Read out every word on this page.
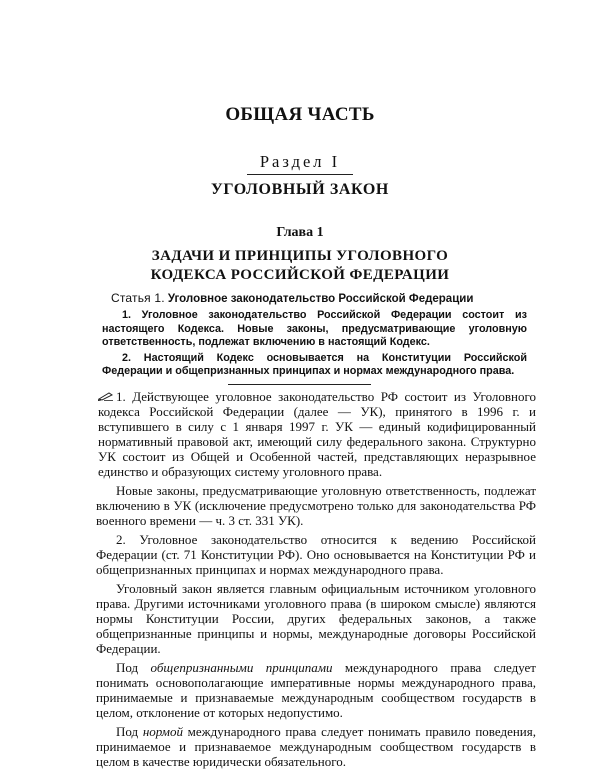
ОБЩАЯ ЧАСТЬ
Раздел I
УГОЛОВНЫЙ ЗАКОН
Глава 1
ЗАДАЧИ И ПРИНЦИПЫ УГОЛОВНОГО
КОДЕКСА РОССИЙСКОЙ ФЕДЕРАЦИИ
Статья 1. Уголовное законодательство Российской Федерации

1. Уголовное законодательство Российской Федерации состоит из настоящего Кодекса. Новые законы, предусматривающие уголовную ответственность, подлежат включению в настоящий Кодекс.

2. Настоящий Кодекс основывается на Конституции Российской Федерации и общепризнанных принципах и нормах международного права.

1. Действующее уголовное законодательство РФ состоит из Уголовного кодекса Российской Федерации (далее — УК), принятого в 1996 г. и вступившего в силу с 1 января 1997 г. УК — единый кодифицированный нормативный правовой акт, имеющий силу федерального закона. Структурно УК состоит из Общей и Особенной частей, представляющих неразрывное единство и образующих систему уголовного права.

Новые законы, предусматривающие уголовную ответственность, подлежат включению в УК (исключение предусмотрено только для законодательства РФ военного времени — ч. 3 ст. 331 УК).

2. Уголовное законодательство относится к ведению Российской Федерации (ст. 71 Конституции РФ). Оно основывается на Конституции РФ и общепризнанных принципах и нормах международного права.

Уголовный закон является главным официальным источником уголовного права. Другими источниками уголовного права (в широком смысле) являются нормы Конституции России, других федеральных законов, а также общепризнанные принципы и нормы, международные договоры Российской Федерации.

Под общепризнанными принципами международного права следует понимать основополагающие императивные нормы международного права, принимаемые и признаваемые международным сообществом государств в целом, отклонение от которых недопустимо.

Под нормой международного права следует понимать правило поведения, принимаемое и признаваемое международным сообществом государств в целом в качестве юридически обязательного.
